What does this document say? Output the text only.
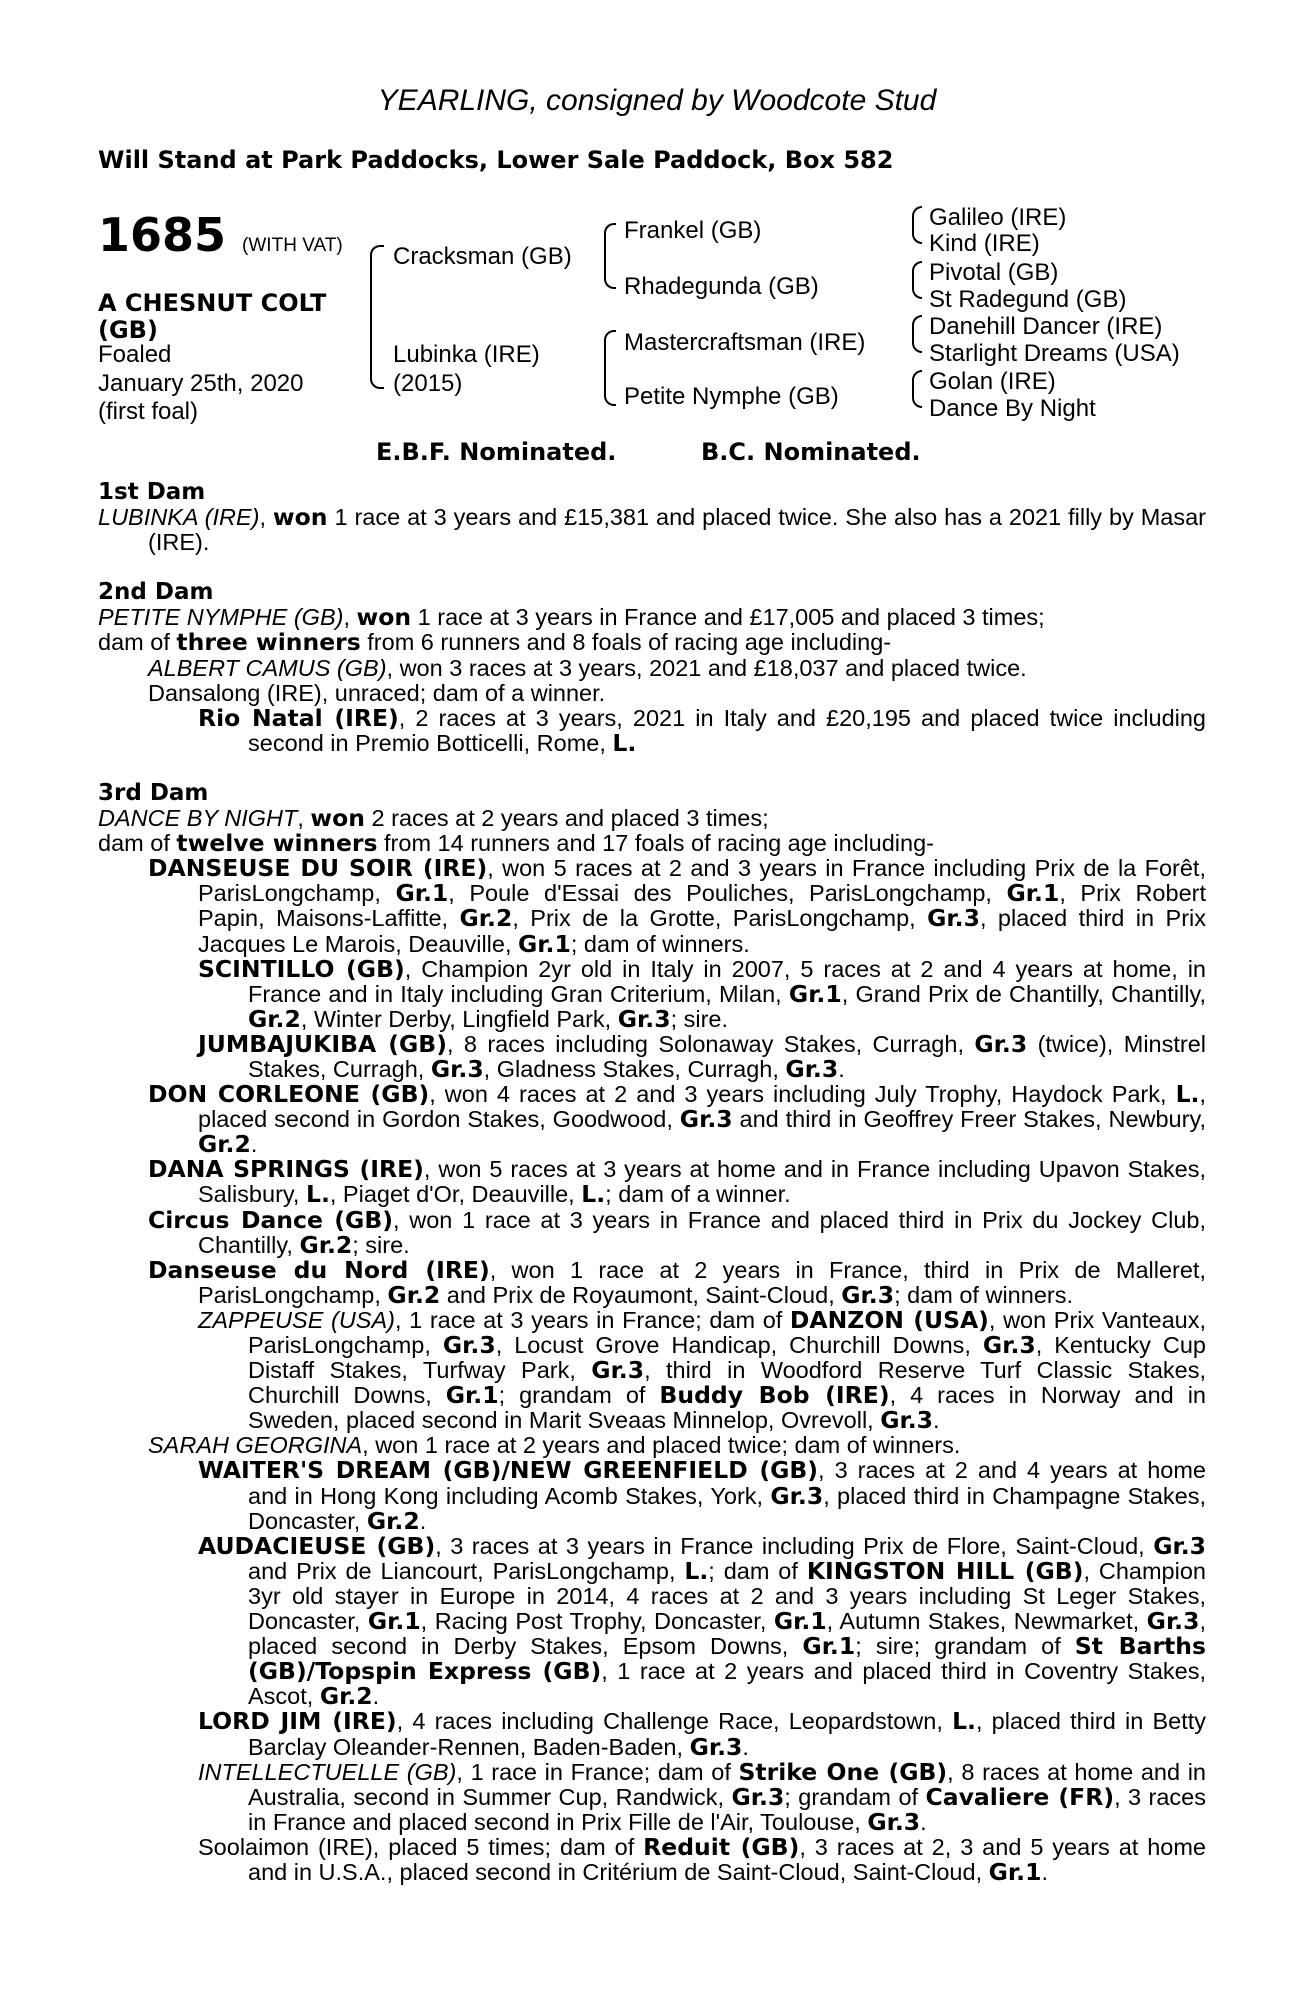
YEARLING, consigned by Woodcote Stud
Will Stand at Park Paddocks, Lower Sale Paddock, Box 582
1685 (WITH VAT)
A CHESNUT COLT
(GB)
Foaled
January 25th, 2020
(first foal)
Cracksman (GB)
Lubinka (IRE)
(2015)
Frankel (GB)
Rhadegunda (GB)
Mastercraftsman (IRE)
Petite Nymphe (GB)
Galileo (IRE)
Kind (IRE)
Pivotal (GB)
St Radegund (GB)
Danehill Dancer (IRE)
Starlight Dreams (USA)
Golan (IRE)
Dance By Night
E.B.F. Nominated.	B.C. Nominated.

1st Dam

LUBINKA (IRE), won 1 race at 3 years and £15,381 and placed twice. She also has a 2021 filly by Masar (IRE).

2nd Dam

PETITE NYMPHE (GB), won 1 race at 3 years in France and £17,005 and placed 3 times;

dam of three winners from 6 runners and 8 foals of racing age including-

ALBERT CAMUS (GB), won 3 races at 3 years, 2021 and £18,037 and placed twice.

Dansalong (IRE), unraced; dam of a winner.

Rio Natal (IRE), 2 races at 3 years, 2021 in Italy and £20,195 and placed twice including second in Premio Botticelli, Rome, L.

3rd Dam

DANCE BY NIGHT, won 2 races at 2 years and placed 3 times;

dam of twelve winners from 14 runners and 17 foals of racing age including-

DANSEUSE DU SOIR (IRE), won 5 races at 2 and 3 years in France including Prix de la Forêt, ParisLongchamp, Gr.1, Poule d'Essai des Pouliches, ParisLongchamp, Gr.1, Prix Robert Papin, Maisons-Laffitte, Gr.2, Prix de la Grotte, ParisLongchamp, Gr.3, placed third in Prix Jacques Le Marois, Deauville, Gr.1; dam of winners.

SCINTILLO (GB), Champion 2yr old in Italy in 2007, 5 races at 2 and 4 years at home, in France and in Italy including Gran Criterium, Milan, Gr.1, Grand Prix de Chantilly, Chantilly, Gr.2, Winter Derby, Lingfield Park, Gr.3; sire.

JUMBAJUKIBA (GB), 8 races including Solonaway Stakes, Curragh, Gr.3 (twice), Minstrel Stakes, Curragh, Gr.3, Gladness Stakes, Curragh, Gr.3.

DON CORLEONE (GB), won 4 races at 2 and 3 years including July Trophy, Haydock Park, L., placed second in Gordon Stakes, Goodwood, Gr.3 and third in Geoffrey Freer Stakes, Newbury, Gr.2.

DANA SPRINGS (IRE), won 5 races at 3 years at home and in France including Upavon Stakes, Salisbury, L., Piaget d'Or, Deauville, L.; dam of a winner.

Circus Dance (GB), won 1 race at 3 years in France and placed third in Prix du Jockey Club, Chantilly, Gr.2; sire.

Danseuse du Nord (IRE), won 1 race at 2 years in France, third in Prix de Malleret, ParisLongchamp, Gr.2 and Prix de Royaumont, Saint-Cloud, Gr.3; dam of winners.

ZAPPEUSE (USA), 1 race at 3 years in France; dam of DANZON (USA), won Prix Vanteaux, ParisLongchamp, Gr.3, Locust Grove Handicap, Churchill Downs, Gr.3, Kentucky Cup Distaff Stakes, Turfway Park, Gr.3, third in Woodford Reserve Turf Classic Stakes, Churchill Downs, Gr.1; grandam of Buddy Bob (IRE), 4 races in Norway and in Sweden, placed second in Marit Sveaas Minnelop, Ovrevoll, Gr.3.

SARAH GEORGINA, won 1 race at 2 years and placed twice; dam of winners.

WAITER'S DREAM (GB)/NEW GREENFIELD (GB), 3 races at 2 and 4 years at home and in Hong Kong including Acomb Stakes, York, Gr.3, placed third in Champagne Stakes, Doncaster, Gr.2.

AUDACIEUSE (GB), 3 races at 3 years in France including Prix de Flore, Saint-Cloud, Gr.3 and Prix de Liancourt, ParisLongchamp, L.; dam of KINGSTON HILL (GB), Champion 3yr old stayer in Europe in 2014, 4 races at 2 and 3 years including St Leger Stakes, Doncaster, Gr.1, Racing Post Trophy, Doncaster, Gr.1, Autumn Stakes, Newmarket, Gr.3, placed second in Derby Stakes, Epsom Downs, Gr.1; sire; grandam of St Barths (GB)/Topspin Express (GB), 1 race at 2 years and placed third in Coventry Stakes, Ascot, Gr.2.

LORD JIM (IRE), 4 races including Challenge Race, Leopardstown, L., placed third in Betty Barclay Oleander-Rennen, Baden-Baden, Gr.3.

INTELLECTUELLE (GB), 1 race in France; dam of Strike One (GB), 8 races at home and in Australia, second in Summer Cup, Randwick, Gr.3; grandam of Cavaliere (FR), 3 races in France and placed second in Prix Fille de l'Air, Toulouse, Gr.3.

Soolaimon (IRE), placed 5 times; dam of Reduit (GB), 3 races at 2, 3 and 5 years at home and in U.S.A., placed second in Critérium de Saint-Cloud, Saint-Cloud, Gr.1.
